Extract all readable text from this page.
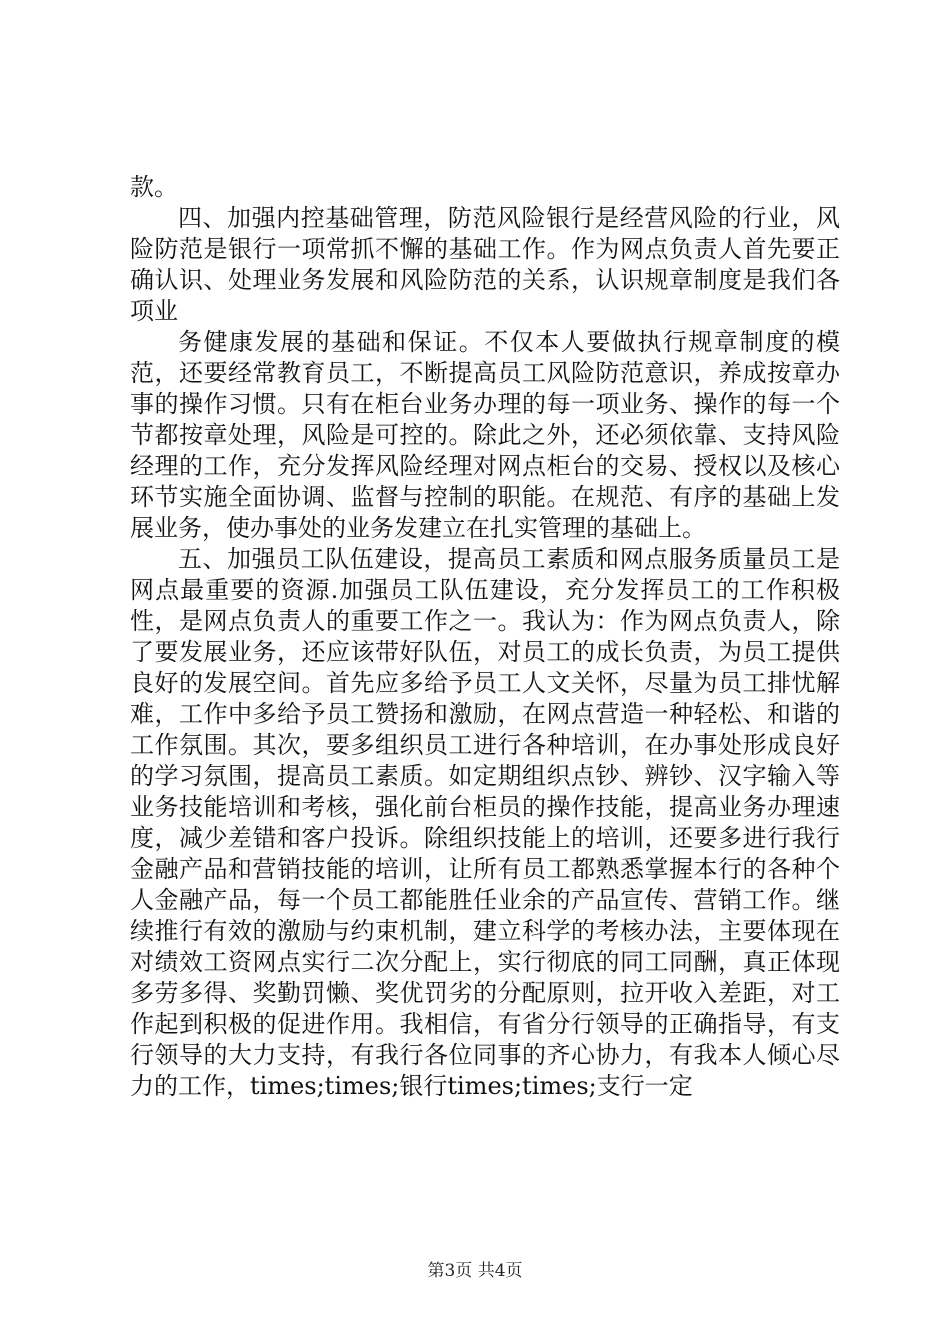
款。

四、加强内控基础管理，防范风险银行是经营风险的行业，风险防范是银行一项常抓不懈的基础工作。作为网点负责人首先要正确认识、处理业务发展和风险防范的关系，认识规章制度是我们各项业

务健康发展的基础和保证。不仅本人要做执行规章制度的模范，还要经常教育员工，不断提高员工风险防范意识，养成按章办事的操作习惯。只有在柜台业务办理的每一项业务、操作的每一个节都按章处理，风险是可控的。除此之外，还必须依靠、支持风险经理的工作，充分发挥风险经理对网点柜台的交易、授权以及核心环节实施全面协调、监督与控制的职能。在规范、有序的基础上发展业务，使办事处的业务发建立在扎实管理的基础上。

五、加强员工队伍建设，提高员工素质和网点服务质量员工是网点最重要的资源.加强员工队伍建设，充分发挥员工的工作积极性，是网点负责人的重要工作之一。我认为：作为网点负责人，除了要发展业务，还应该带好队伍，对员工的成长负责，为员工提供良好的发展空间。首先应多给予员工人文关怀，尽量为员工排忧解难，工作中多给予员工赞扬和激励，在网点营造一种轻松、和谐的工作氛围。其次，要多组织员工进行各种培训，在办事处形成良好的学习氛围，提高员工素质。如定期组织点钞、辨钞、汉字输入等业务技能培训和考核，强化前台柜员的操作技能，提高业务办理速度，减少差错和客户投诉。除组织技能上的培训，还要多进行我行金融产品和营销技能的培训，让所有员工都熟悉掌握本行的各种个人金融产品，每一个员工都能胜任业余的产品宣传、营销工作。继续推行有效的激励与约束机制，建立科学的考核办法，主要体现在对绩效工资网点实行二次分配上，实行彻底的同工同酬，真正体现多劳多得、奖勤罚懒、奖优罚劣的分配原则，拉开收入差距，对工作起到积极的促进作用。我相信，有省分行领导的正确指导，有支行领导的大力支持，有我行各位同事的齐心协力，有我本人倾心尽力的工作，times;times;银行times;times;支行一定

第3页 共4页
